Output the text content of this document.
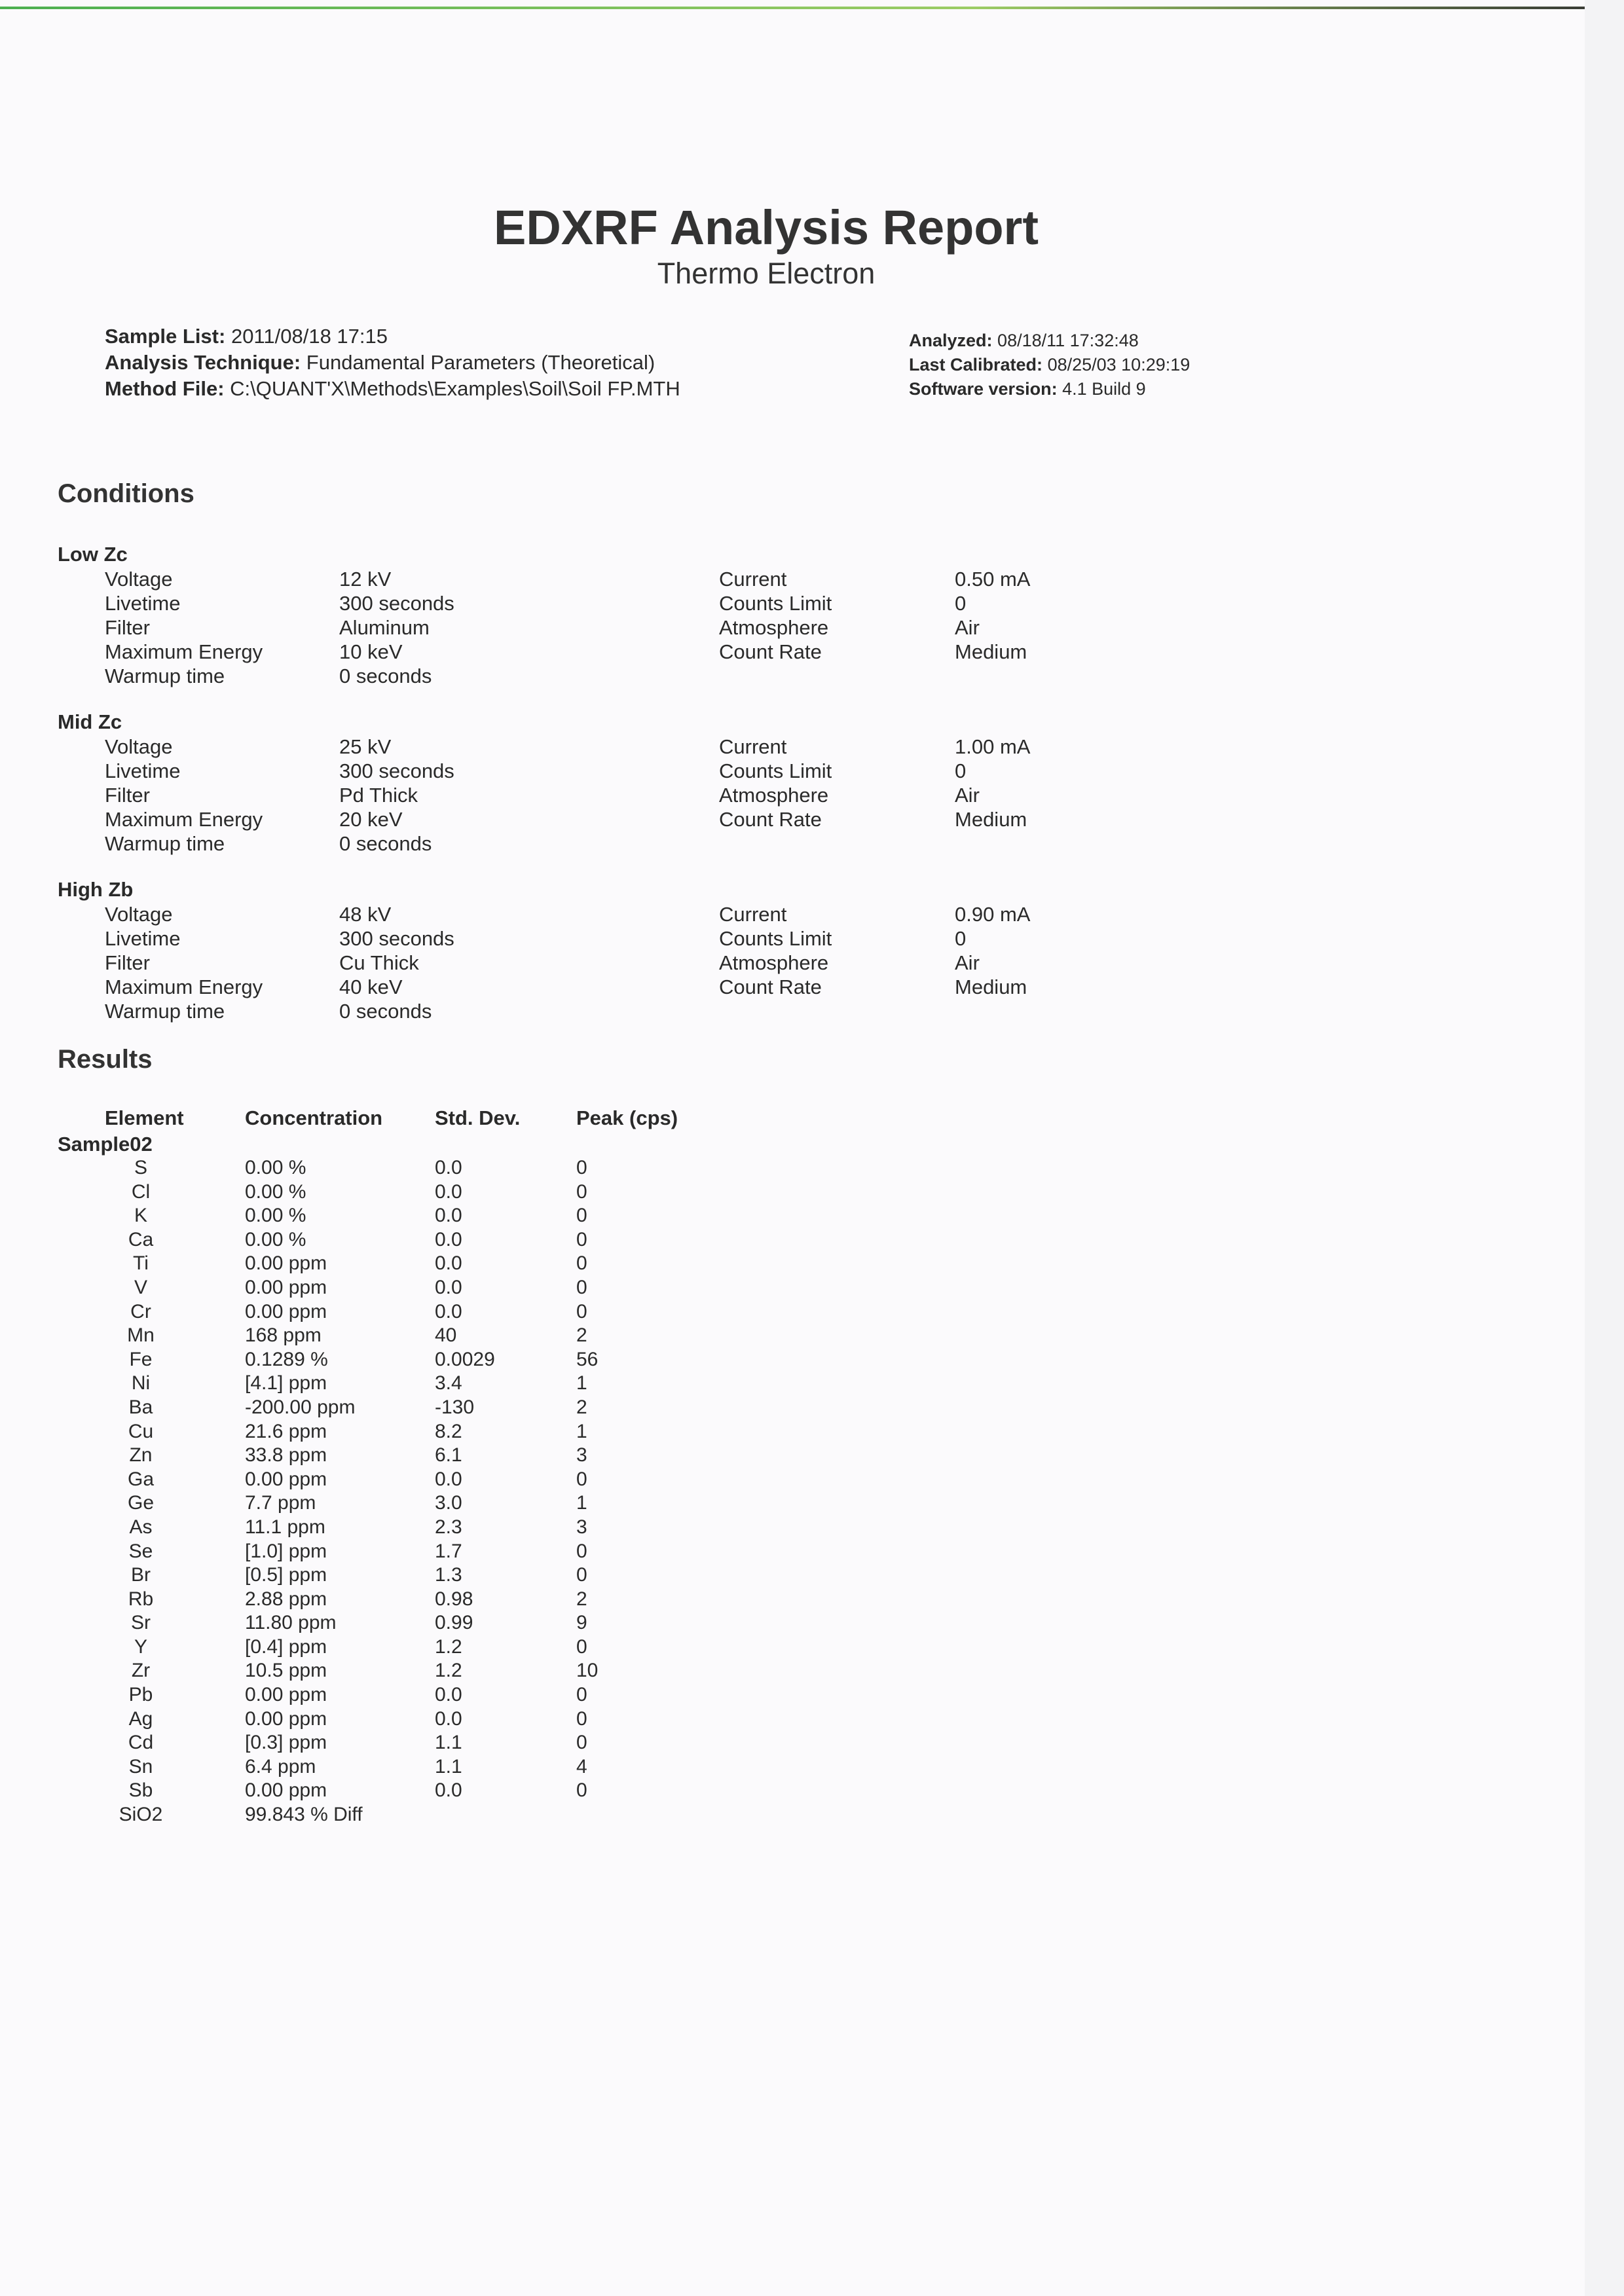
EDXRF Analysis Report
Thermo Electron
Sample List: 2011/08/18 17:15
Analysis Technique: Fundamental Parameters (Theoretical)
Method File: C:\QUANT'X\Methods\Examples\Soil\Soil FP.MTH
Analyzed: 08/18/11 17:32:48
Last Calibrated: 08/25/03 10:29:19
Software version: 4.1 Build 9
Conditions
Low Zc
Voltage	12 kV	Current	0.50 mA
Livetime	300 seconds	Counts Limit	0
Filter	Aluminum	Atmosphere	Air
Maximum Energy	10 keV	Count Rate	Medium
Warmup time	0 seconds
Mid Zc
Voltage	25 kV	Current	1.00 mA
Livetime	300 seconds	Counts Limit	0
Filter	Pd Thick	Atmosphere	Air
Maximum Energy	20 keV	Count Rate	Medium
Warmup time	0 seconds
High Zb
Voltage	48 kV	Current	0.90 mA
Livetime	300 seconds	Counts Limit	0
Filter	Cu Thick	Atmosphere	Air
Maximum Energy	40 keV	Count Rate	Medium
Warmup time	0 seconds
Results
Element	Concentration	Std. Dev.	Peak (cps)
Sample02
S	0.00 %	0.0	0
Cl	0.00 %	0.0	0
K	0.00 %	0.0	0
Ca	0.00 %	0.0	0
Ti	0.00 ppm	0.0	0
V	0.00 ppm	0.0	0
Cr	0.00 ppm	0.0	0
Mn	168 ppm	40	2
Fe	0.1289 %	0.0029	56
Ni	[4.1] ppm	3.4	1
Ba	-200.00 ppm	-130	2
Cu	21.6 ppm	8.2	1
Zn	33.8 ppm	6.1	3
Ga	0.00 ppm	0.0	0
Ge	7.7 ppm	3.0	1
As	11.1 ppm	2.3	3
Se	[1.0] ppm	1.7	0
Br	[0.5] ppm	1.3	0
Rb	2.88 ppm	0.98	2
Sr	11.80 ppm	0.99	9
Y	[0.4] ppm	1.2	0
Zr	10.5 ppm	1.2	10
Pb	0.00 ppm	0.0	0
Ag	0.00 ppm	0.0	0
Cd	[0.3] ppm	1.1	0
Sn	6.4 ppm	1.1	4
Sb	0.00 ppm	0.0	0
SiO2	99.843 % Diff
